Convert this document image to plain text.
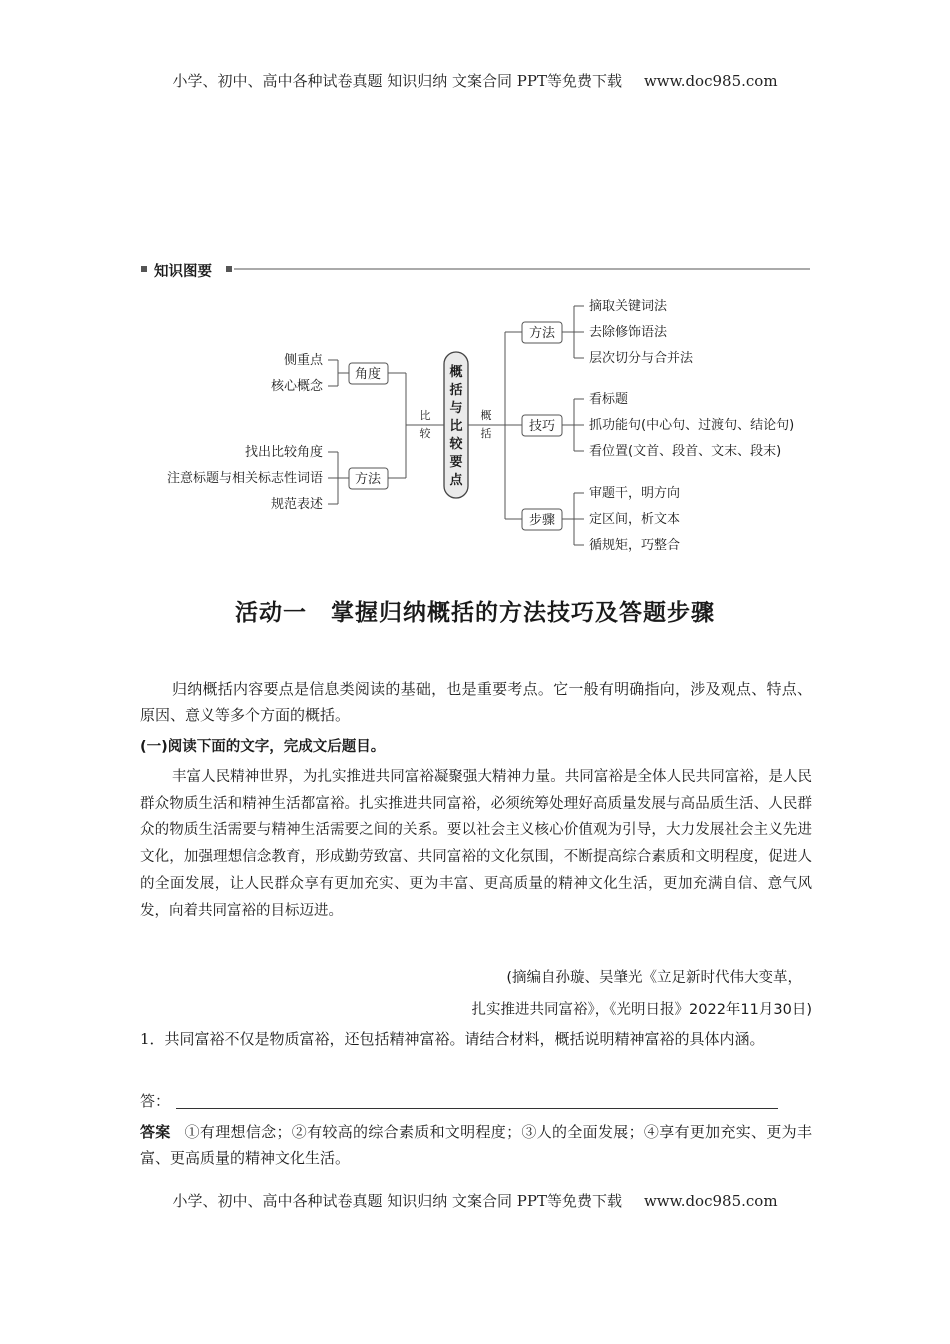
小学、初中、高中各种试卷真题 知识归纳 文案合同 PPT等免费下载 www.doc985.com
知识图要
概
括
与
比
较
要
点
比
较
概
括
角度
侧重点
核心概念
方法
找出比较角度
注意标题与相关标志性词语
规范表述
方法
摘取关键词法
去除修饰语法
层次切分与合并法
技巧
看标题
抓功能句(中心句、过渡句、结论句)
看位置(文首、段首、文末、段末)
步骤
审题干，明方向
定区间，析文本
循规矩，巧整合
活动一　掌握归纳概括的方法技巧及答题步骤
归纳概括内容要点是信息类阅读的基础，也是重要考点。它一般有明确指向，涉及观点、特点、原因、意义等多个方面的概括。
(一)阅读下面的文字，完成文后题目。
丰富人民精神世界，为扎实推进共同富裕凝聚强大精神力量。共同富裕是全体人民共同富裕，是人民群众物质生活和精神生活都富裕。扎实推进共同富裕，必须统筹处理好高质量发展与高品质生活、人民群众的物质生活需要与精神生活需要之间的关系。要以社会主义核心价值观为引导，大力发展社会主义先进文化，加强理想信念教育，形成勤劳致富、共同富裕的文化氛围，不断提高综合素质和文明程度，促进人的全面发展，让人民群众享有更加充实、更为丰富、更高质量的精神文化生活，更加充满自信、意气风发，向着共同富裕的目标迈进。
(摘编自孙璇、吴肇光《立足新时代伟大变革，
扎实推进共同富裕》，《光明日报》2022年11月30日)
1．共同富裕不仅是物质富裕，还包括精神富裕。请结合材料，概括说明精神富裕的具体内涵。
答：
答案 ①有理想信念；②有较高的综合素质和文明程度；③人的全面发展；④享有更加充实、更为丰富、更高质量的精神文化生活。
小学、初中、高中各种试卷真题 知识归纳 文案合同 PPT等免费下载 www.doc985.com
